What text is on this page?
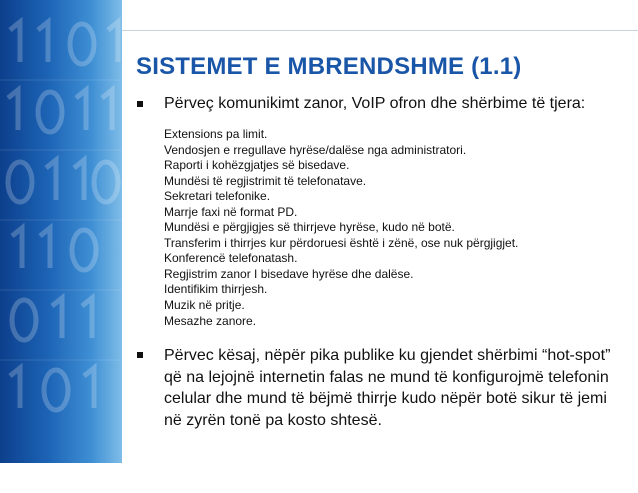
SISTEMET E MBRENDSHME (1.1)
Përveç komunikimt zanor, VoIP ofron dhe shërbime të tjera:
Extensions pa limit.
Vendosjen e rregullave hyrëse/dalëse nga administratori.
Raporti i kohëzgjatjes së bisedave.
Mundësi të regjistrimit të telefonatave.
Sekretari telefonike.
Marrje faxi në format PD.
Mundësi e përgjigjes së thirrjeve hyrëse, kudo në botë.
Transferim i thirrjes kur përdoruesi është i zënë, ose nuk përgjigjet.
Konferencë telefonatash.
Regjistrim zanor I bisedave hyrëse dhe dalëse.
Identifikim thirrjesh.
Muzik në pritje.
Mesazhe zanore.
Përvec kësaj, nëpër pika publike ku gjendet shërbimi “hot-spot” që na lejojnë internetin falas ne mund të konfigurojmë telefonin celular dhe mund të bëjmë thirrje kudo nëpër botë sikur të jemi në zyrën tonë pa kosto shtesë.
